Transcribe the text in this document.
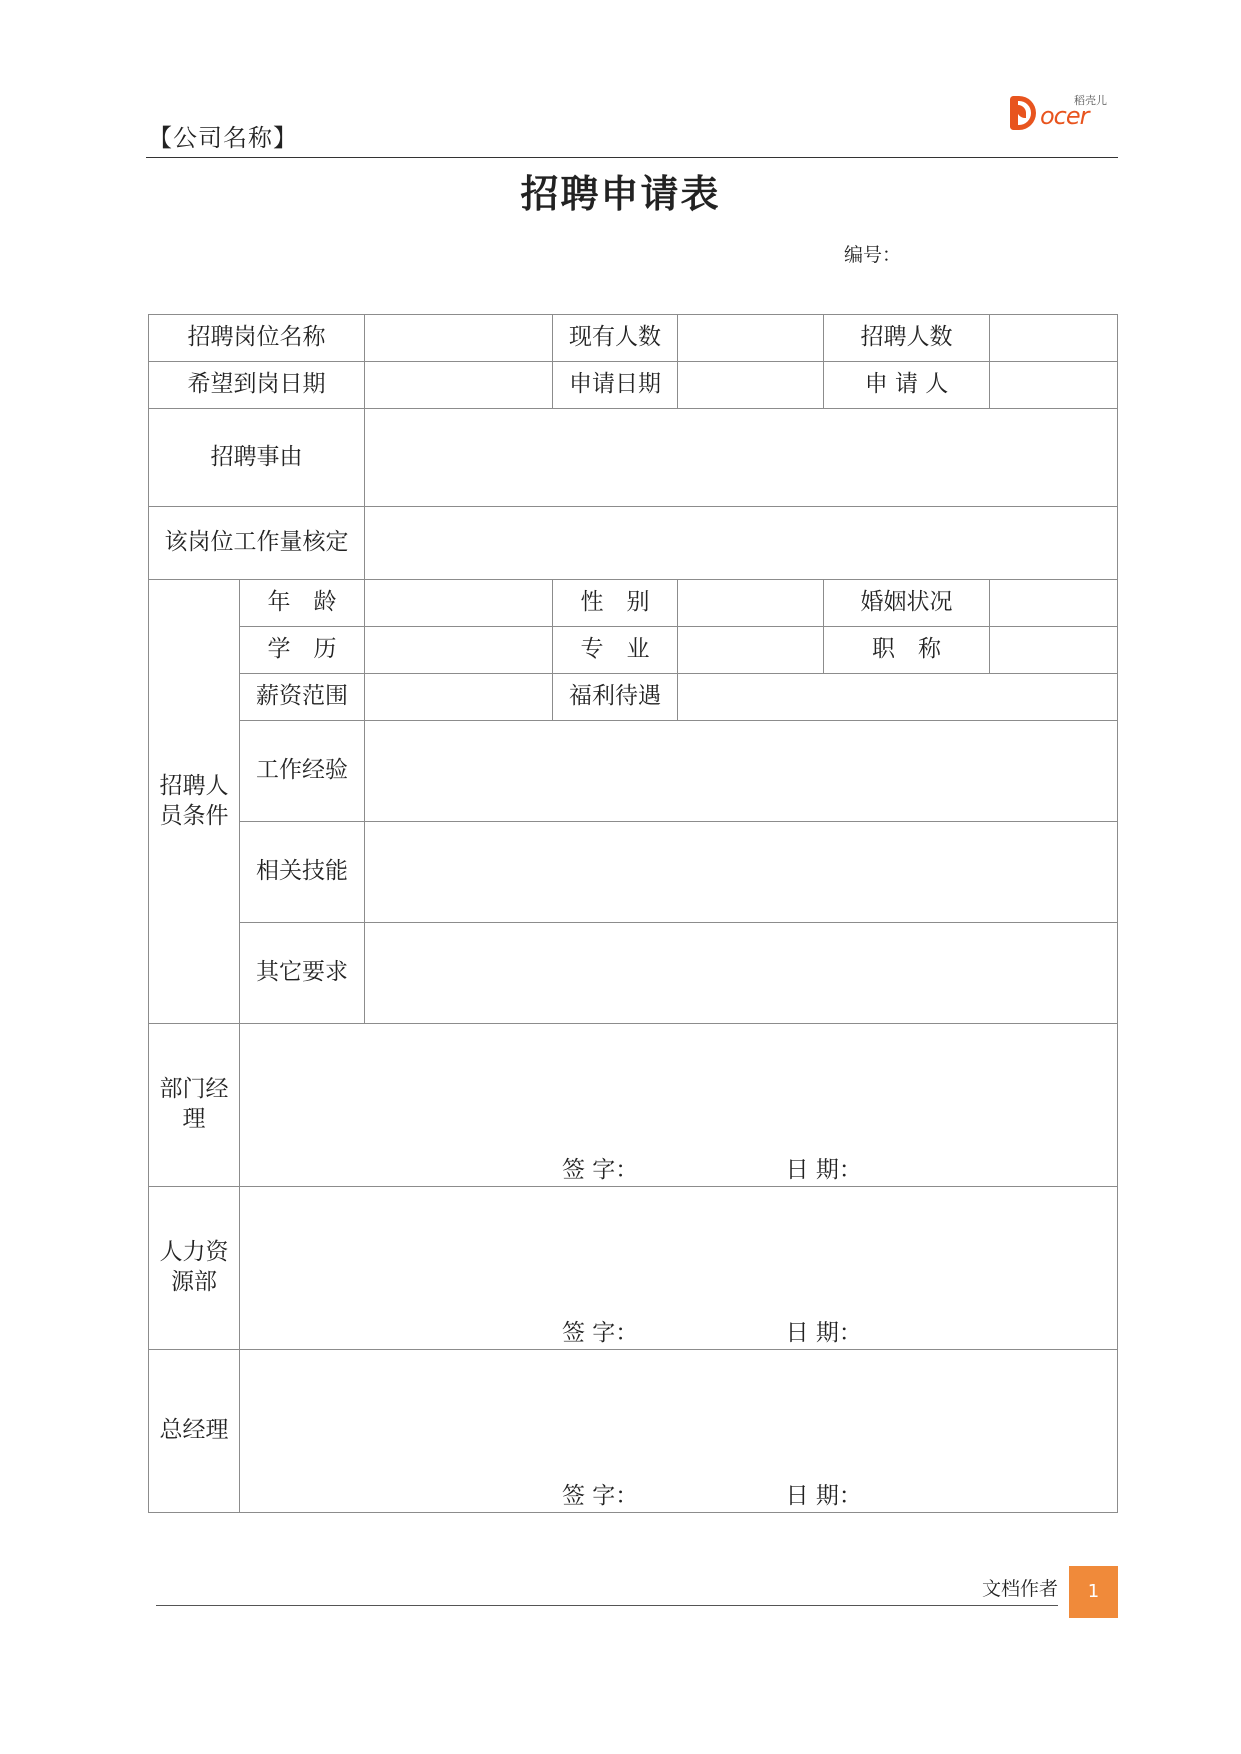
【公司名称】
ocer
稻壳儿
招聘申请表
编号：
招聘岗位名称			现有人数		招聘人数	
希望到岗日期			申请日期		申 请 人	
招聘事由						
该岗位工作量核定						
招聘人员条件	年　龄		性　别		婚姻状况	
	学　历		专　业		职　称	
	薪资范围		福利待遇			
	工作经验					
	相关技能					
	其它要求					
部门经理	签 字： 日 期：					

人力资源部	签 字： 日 期：					

总经理	签 字： 日 期：					
文档作者	1
